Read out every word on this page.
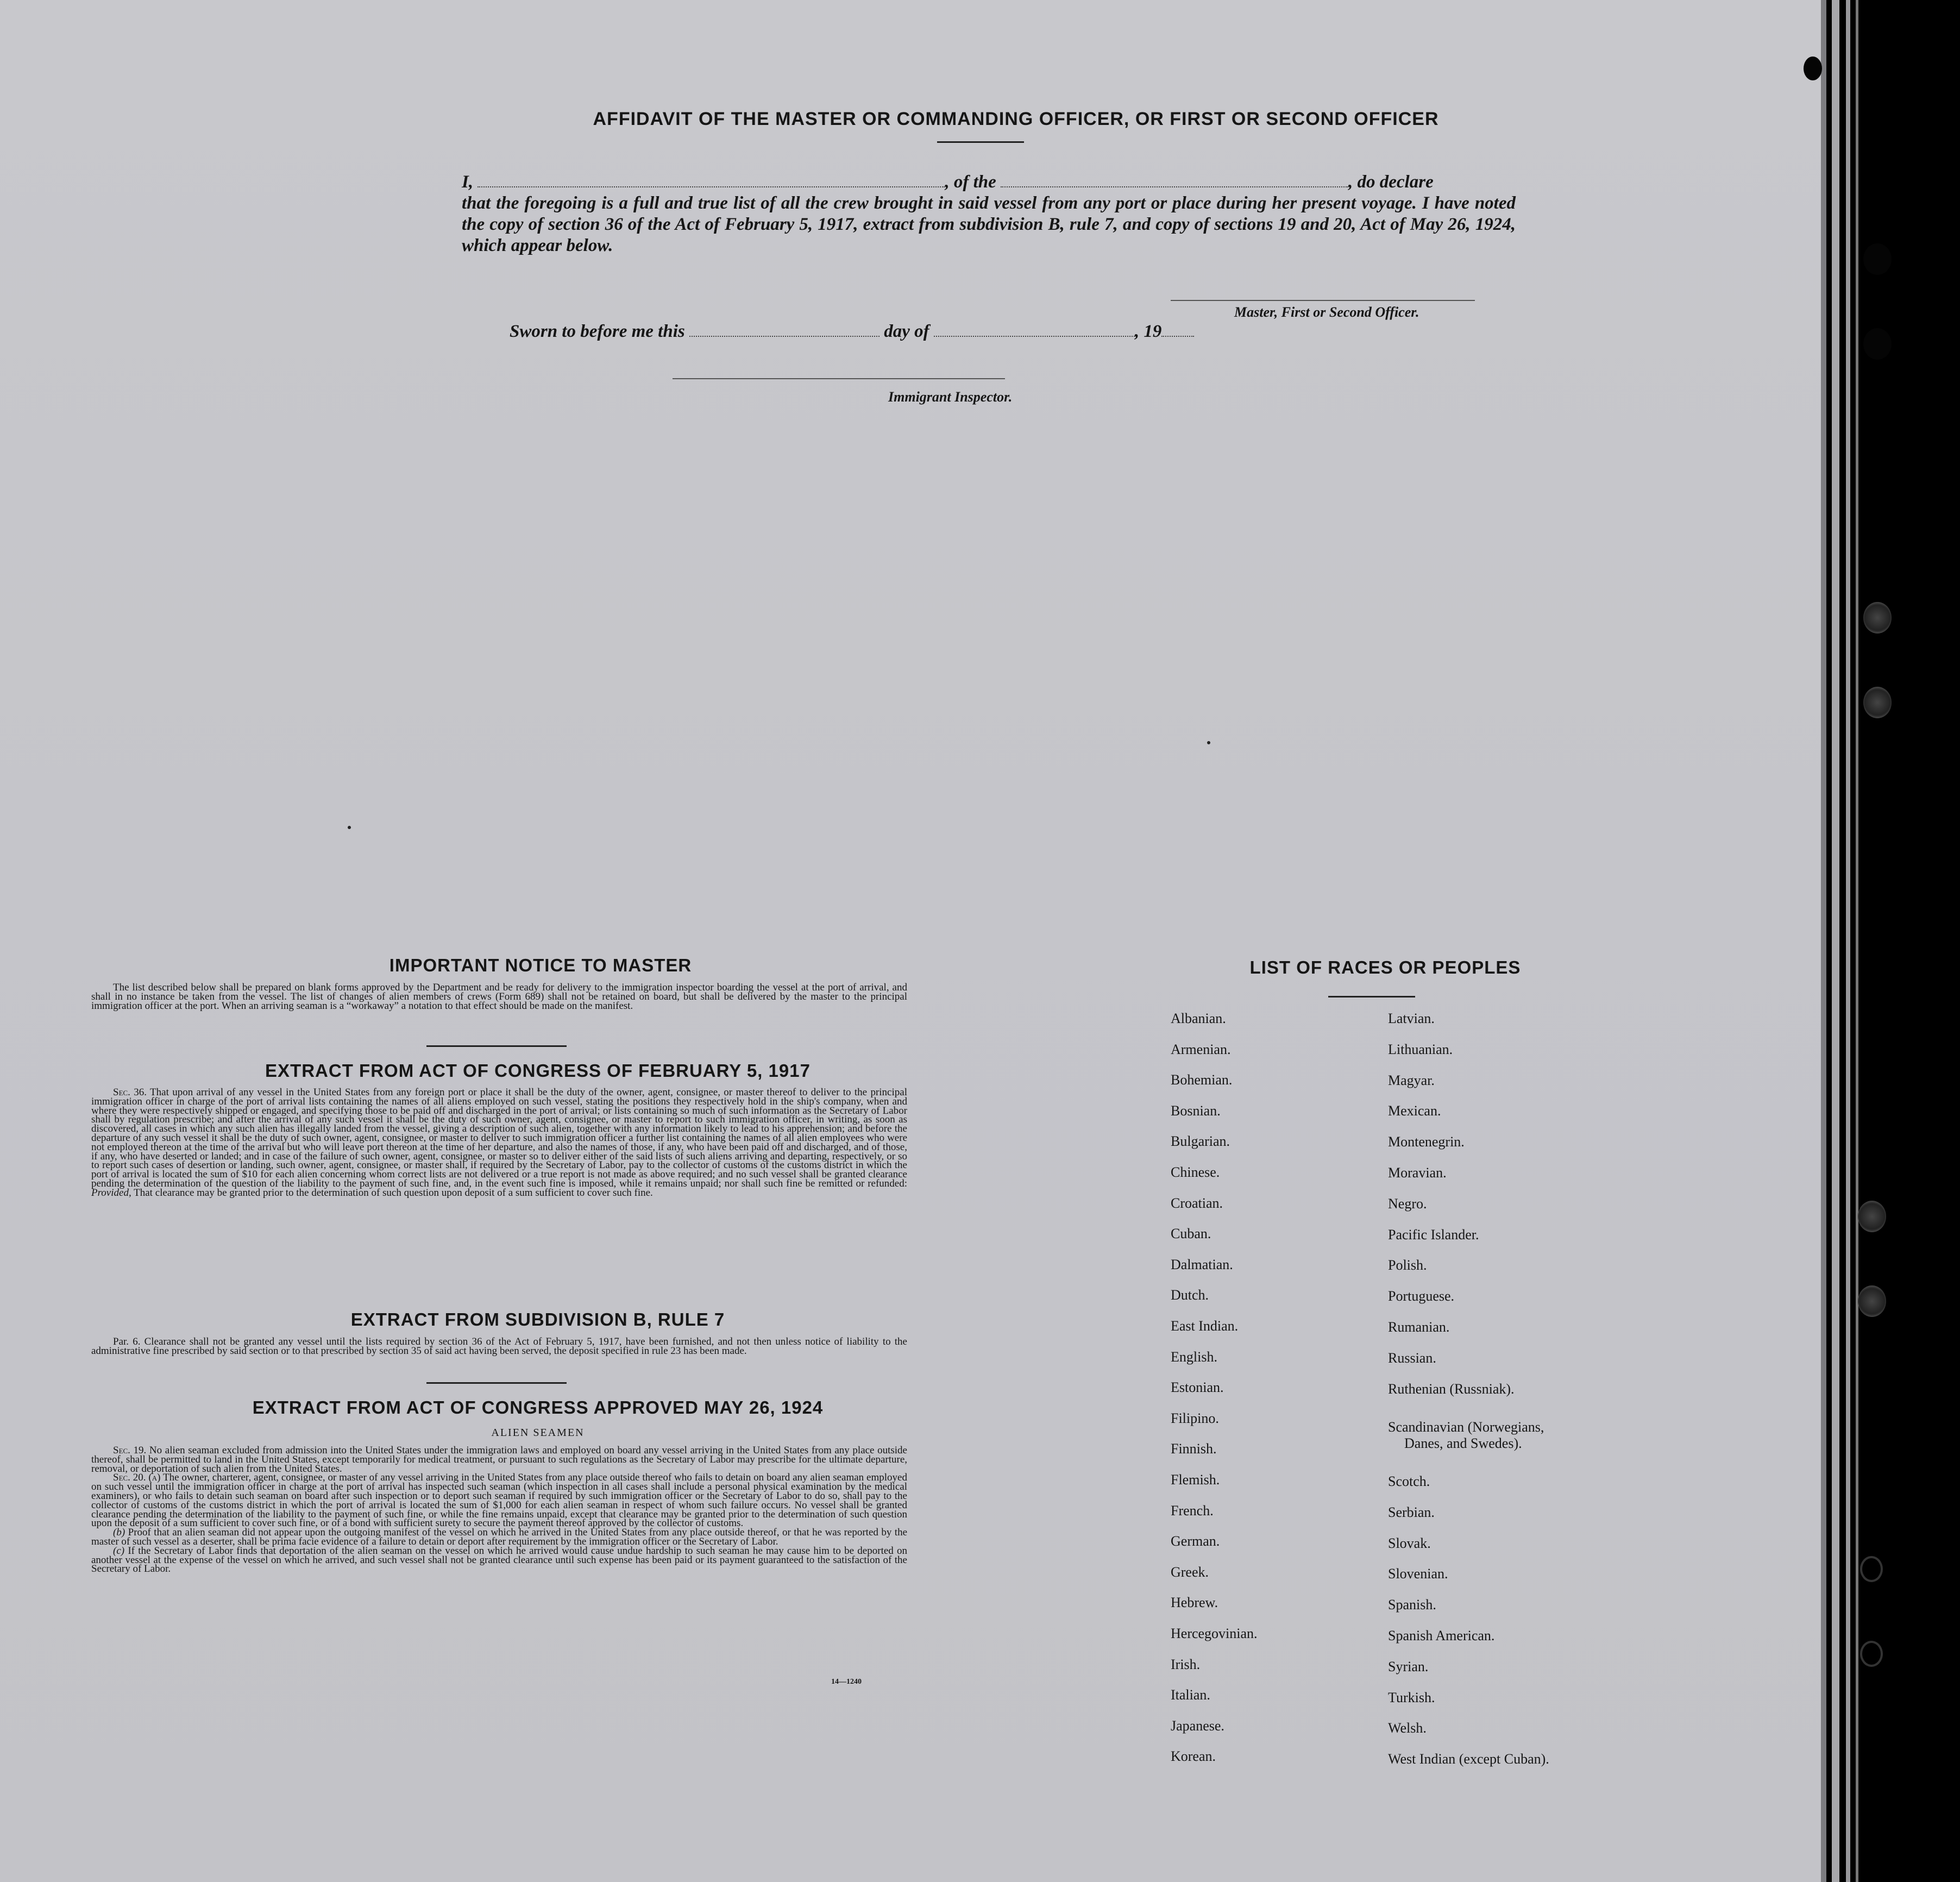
AFFIDAVIT OF THE MASTER OR COMMANDING OFFICER, OR FIRST OR SECOND OFFICER
I,	, of the	, do declare
that the foregoing is a full and true list of all the crew brought in said vessel from any port or place during her present voyage. I have noted the copy of section 36 of the Act of February 5, 1917, extract from subdivision B, rule 7, and copy of sections 19 and 20, Act of May 26, 1924, which appear below.
Master, First or Second Officer.
Sworn to before me this	day of	, 19
Immigrant Inspector.
IMPORTANT NOTICE TO MASTER

The list described below shall be prepared on blank forms approved by the Department and be ready for delivery to the immigration inspector boarding the vessel at the port of arrival, and shall in no instance be taken from the vessel. The list of changes of alien members of crews (Form 689) shall not be retained on board, but shall be delivered by the master to the principal immigration officer at the port. When an arriving seaman is a “workaway” a notation to that effect should be made on the manifest.

EXTRACT FROM ACT OF CONGRESS OF FEBRUARY 5, 1917

Sec. 36. That upon arrival of any vessel in the United States from any foreign port or place it shall be the duty of the owner, agent, consignee, or master thereof to deliver to the principal immigration officer in charge of the port of arrival lists containing the names of all aliens employed on such vessel, stating the positions they respectively hold in the ship's company, when and where they were respectively shipped or engaged, and specifying those to be paid off and discharged in the port of arrival; or lists containing so much of such information as the Secretary of Labor shall by regulation prescribe; and after the arrival of any such vessel it shall be the duty of such owner, agent, consignee, or master to report to such immigration officer, in writing, as soon as discovered, all cases in which any such alien has illegally landed from the vessel, giving a description of such alien, together with any information likely to lead to his apprehension; and before the departure of any such vessel it shall be the duty of such owner, agent, consignee, or master to deliver to such immigration officer a further list containing the names of all alien employees who were not employed thereon at the time of the arrival but who will leave port thereon at the time of her departure, and also the names of those, if any, who have been paid off and discharged, and of those, if any, who have deserted or landed; and in case of the failure of such owner, agent, consignee, or master so to deliver either of the said lists of such aliens arriving and departing, respectively, or so to report such cases of desertion or landing, such owner, agent, consignee, or master shall, if required by the Secretary of Labor, pay to the collector of customs of the customs district in which the port of arrival is located the sum of $10 for each alien concerning whom correct lists are not delivered or a true report is not made as above required; and no such vessel shall be granted clearance pending the determination of the question of the liability to the payment of such fine, and, in the event such fine is imposed, while it remains unpaid; nor shall such fine be remitted or refunded: Provided, That clearance may be granted prior to the determination of such question upon deposit of a sum sufficient to cover such fine.

EXTRACT FROM SUBDIVISION B, RULE 7

Par. 6. Clearance shall not be granted any vessel until the lists required by section 36 of the Act of February 5, 1917, have been furnished, and not then unless notice of liability to the administrative fine prescribed by said section or to that prescribed by section 35 of said act having been served, the deposit specified in rule 23 has been made.

EXTRACT FROM ACT OF CONGRESS APPROVED MAY 26, 1924
ALIEN SEAMEN

Sec. 19. No alien seaman excluded from admission into the United States under the immigration laws and employed on board any vessel arriving in the United States from any place outside thereof, shall be permitted to land in the United States, except temporarily for medical treatment, or pursuant to such regulations as the Secretary of Labor may prescribe for the ultimate departure, removal, or deportation of such alien from the United States.

Sec. 20. (a) The owner, charterer, agent, consignee, or master of any vessel arriving in the United States from any place outside thereof who fails to detain on board any alien seaman employed on such vessel until the immigration officer in charge at the port of arrival has inspected such seaman (which inspection in all cases shall include a personal physical examination by the medical examiners), or who fails to detain such seaman on board after such inspection or to deport such seaman if required by such immigration officer or the Secretary of Labor to do so, shall pay to the collector of customs of the customs district in which the port of arrival is located the sum of $1,000 for each alien seaman in respect of whom such failure occurs. No vessel shall be granted clearance pending the determination of the liability to the payment of such fine, or while the fine remains unpaid, except that clearance may be granted prior to the determination of such question upon the deposit of a sum sufficient to cover such fine, or of a bond with sufficient surety to secure the payment thereof approved by the collector of customs.

(b) Proof that an alien seaman did not appear upon the outgoing manifest of the vessel on which he arrived in the United States from any place outside thereof, or that he was reported by the master of such vessel as a deserter, shall be prima facie evidence of a failure to detain or deport after requirement by the immigration officer or the Secretary of Labor.

(c) If the Secretary of Labor finds that deportation of the alien seaman on the vessel on which he arrived would cause undue hardship to such seaman he may cause him to be deported on another vessel at the expense of the vessel on which he arrived, and such vessel shall not be granted clearance until such expense has been paid or its payment guaranteed to the satisfaction of the Secretary of Labor.

14—1240
LIST OF RACES OR PEOPLES
Albanian.
Armenian.
Bohemian.
Bosnian.
Bulgarian.
Chinese.
Croatian.
Cuban.
Dalmatian.
Dutch.
East Indian.
English.
Estonian.
Filipino.
Finnish.
Flemish.
French.
German.
Greek.
Hebrew.
Hercegovinian.
Irish.
Italian.
Japanese.
Korean.
Latvian.
Lithuanian.
Magyar.
Mexican.
Montenegrin.
Moravian.
Negro.
Pacific Islander.
Polish.
Portuguese.
Rumanian.
Russian.
Ruthenian (Russniak).
Scandinavian (Norwegians,
Danes, and Swedes).
Scotch.
Serbian.
Slovak.
Slovenian.
Spanish.
Spanish American.
Syrian.
Turkish.
Welsh.
West Indian (except Cuban).
